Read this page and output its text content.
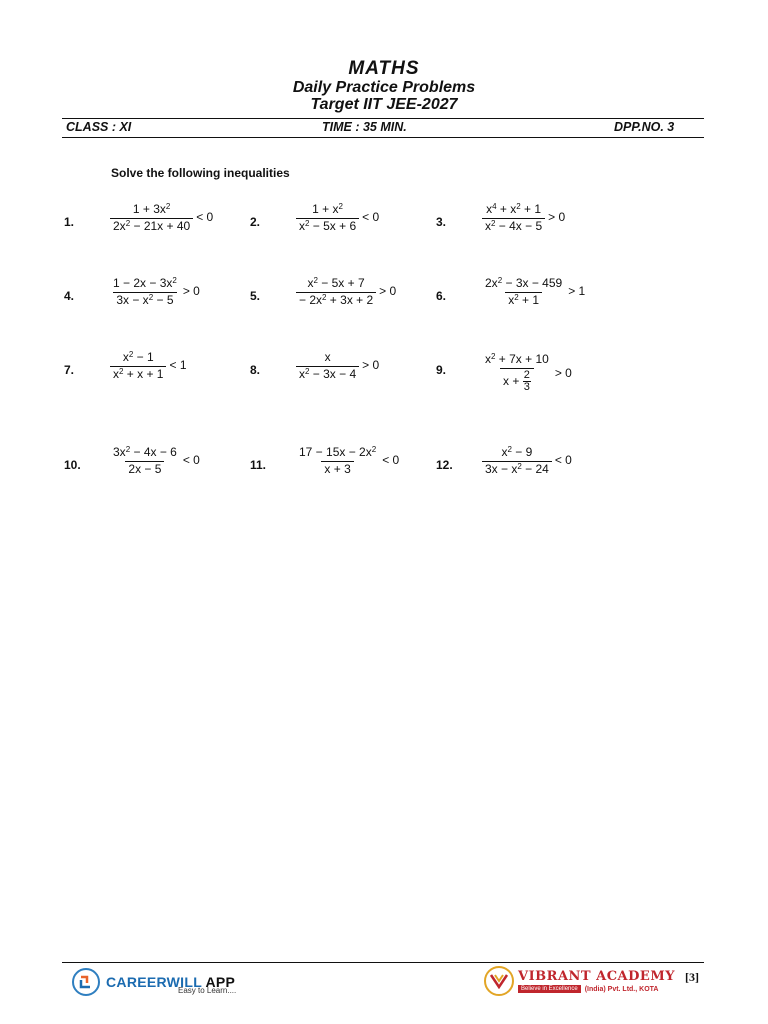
MATHS
Daily Practice Problems
Target IIT JEE-2027
CLASS : XI	TIME : 35 MIN.	DPP.NO. 3
Solve the following inequalities
1.	$\frac{1 + 3x^2}{2x^2 - 21x + 40} < 0$	2.	$\frac{1 + x^2}{x^2 - 5x + 6} < 0$	3.	$\frac{x^4 + x^2 + 1}{x^2 - 4x - 5} > 0$
4.	$\frac{1 - 2x - 3x^2}{3x - x^2 - 5} > 0$	5.	$\frac{x^2 - 5x + 7}{- 2x^2 + 3x + 2} > 0$	6.	$\frac{2x^2 - 3x - 459}{x^2 + 1} > 1$
7.	$\frac{x^2 - 1}{x^2 + x + 1} < 1$	8.	$\frac{x}{x^2 - 3x - 4} > 0$	9.	$\frac{x^2 + 7x + 10}{x + \frac{2}{3}} > 0$
10. $\frac{3x^2 - 4x - 6}{2x - 5} < 0$	11. $\frac{17 - 15x - 2x^2}{x + 3} < 0$	12. $\frac{x^2 - 9}{3x - x^2 - 24} < 0$
CAREERWILL APP
Easy to Learn....
VIBRANT ACADEMY
Believe in Excellence	(India) Pvt. Ltd., KOTA
[3]
